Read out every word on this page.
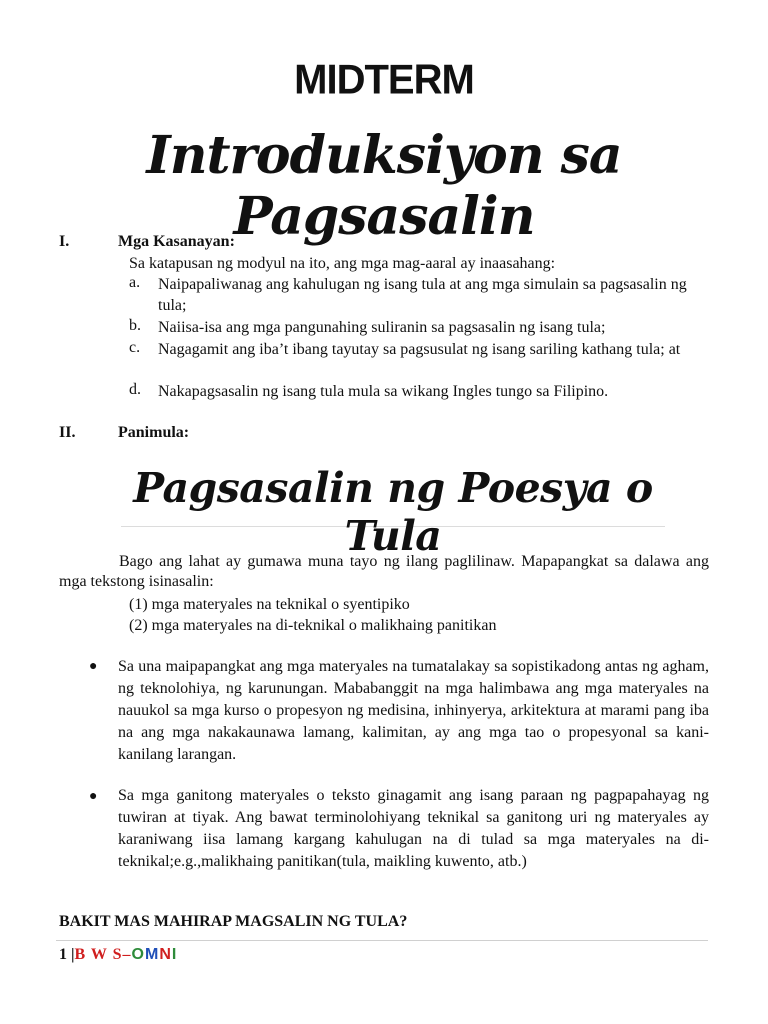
MIDTERM
Introduksiyon sa Pagsasalin
I.	Mga Kasanayan:
Sa katapusan ng modyul na ito, ang mga mag-aaral ay inaasahang:
a. Naipapaliwanag ang kahulugan ng isang tula at ang mga simulain sa pagsasalin ng tula;
b. Naiisa-isa ang mga pangunahing suliranin sa pagsasalin ng isang tula;
c. Nagagamit ang iba’t ibang tayutay sa pagsusulat ng isang sariling kathang tula; at
d. Nakapagsasalin ng isang tula mula sa wikang Ingles tungo sa Filipino.
II.	Panimula:
Pagsasalin ng Poesya o Tula
Bago ang lahat ay gumawa muna tayo ng ilang paglilinaw. Mapapangkat sa dalawa ang mga tekstong isinasalin:
(1) mga materyales na teknikal o syentipiko
(2) mga materyales na di-teknikal o malikhaing panitikan
● Sa una maipapangkat ang mga materyales na tumatalakay sa sopistikadong antas ng agham, ng teknolohiya, ng karunungan. Mababanggit na mga halimbawa ang mga materyales na nauukol sa mga kurso o propesyon ng medisina, inhinyerya, arkitektura at marami pang iba na ang mga nakakaunawa lamang, kalimitan, ay ang mga tao o propesyonal sa kani-kanilang larangan.
● Sa mga ganitong materyales o teksto ginagamit ang isang paraan ng pagpapahayag ng tuwiran at tiyak. Ang bawat terminolohiyang teknikal sa ganitong uri ng materyales ay karaniwang iisa lamang kargang kahulugan na di tulad sa mga materyales na di-teknikal;e.g.,malikhaing panitikan(tula, maikling kuwento, atb.)
BAKIT MAS MAHIRAP MAGSALIN NG TULA?
1 |B W S–OMNI
